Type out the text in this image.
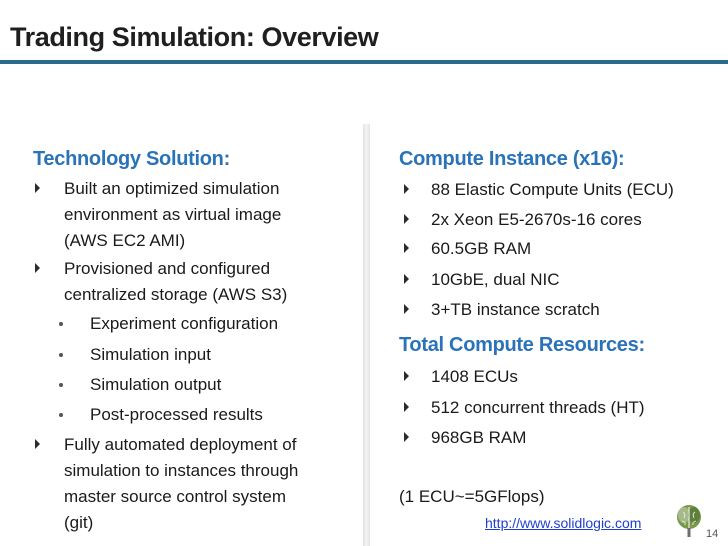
Trading Simulation: Overview
Technology Solution:
Built an optimized simulation
environment as virtual image
(AWS EC2 AMI)
Provisioned and configured
centralized storage (AWS S3)
Experiment configuration
Simulation input
Simulation output
Post-processed results
Fully automated deployment of
simulation to instances through
master source control system
(git)
Compute Instance (x16):
88 Elastic Compute Units (ECU)
2x Xeon E5-2670s-16 cores
60.5GB RAM
10GbE, dual NIC
3+TB instance scratch
Total Compute Resources:
1408 ECUs
512 concurrent threads (HT)
968GB RAM
(1 ECU~=5GFlops)
http://www.solidlogic.com
14
